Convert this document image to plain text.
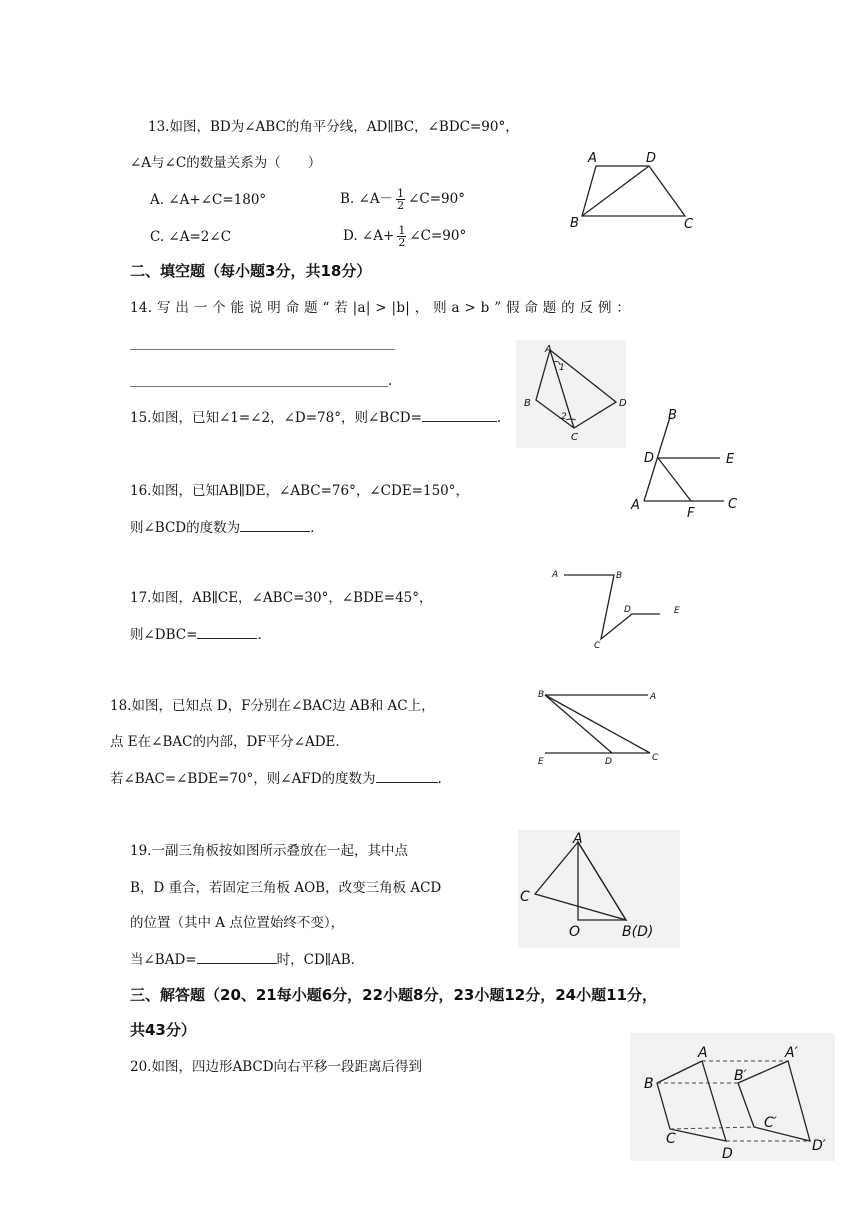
13.如图，BD为∠ABC的角平分线，AD∥BC，∠BDC=90°，
∠A与∠C的数量关系为（　　）
A. ∠A+∠C=180°	B. ∠A－ $\frac{1}{2}$ ∠C=90°
C. ∠A=2∠C	D. ∠A+ $\frac{1}{2}$ ∠C=90°
A	D
B	C
二、填空题（每小题3分，共18分）
14. 写 出 一 个 能 说 明 命 题 “ 若 |a| > |b| ， 则 a > b ” 假 命 题 的 反 例 ：
.
15.如图，已知∠1=∠2，∠D=78°，则∠BCD=	.
A
B
C
D
1
2
16.如图，已知AB∥DE，∠ABC=76°，∠CDE=150°，
则∠BCD的度数为	.
B
D	E
A
F
C
17.如图，AB∥CE，∠ABC=30°，∠BDE=45°，
则∠DBC=	.
A	B
D	E
C
18.如图，已知点 D，F分别在∠BAC边 AB和 AC上，
点 E在∠BAC的内部，DF平分∠ADE.
若∠BAC=∠BDE=70°，则∠AFD的度数为	.
B	A
E	D	C
19.一副三角板按如图所示叠放在一起，其中点
B，D 重合，若固定三角板 AOB，改变三角板 ACD
的位置（其中 A 点位置始终不变），
当∠BAD=	时，CD∥AB.
A
C
O	B(D)
三、解答题（20、21每小题6分，22小题8分，23小题12分，24小题11分，
共43分）
20.如图，四边形ABCD向右平移一段距离后得到
A	A′
B	B′
C
C′
D	D′
